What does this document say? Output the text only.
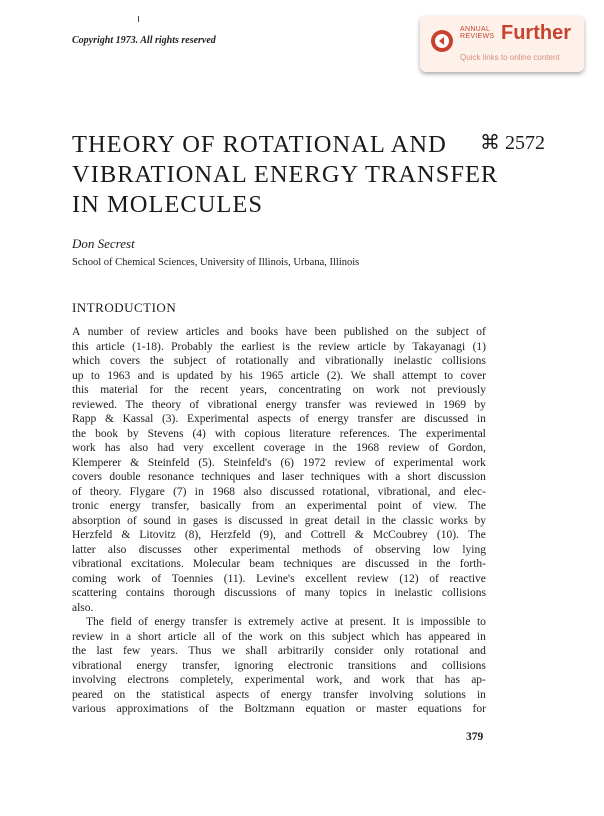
Copyright 1973. All rights reserved
ANNUAL
REVIEWS Further
Quick links to online content
THEORY OF ROTATIONAL AND
VIBRATIONAL ENERGY TRANSFER
IN MOLECULES
⌘ 2572
Don Secrest
School of Chemical Sciences, University of Illinois, Urbana, Illinois
INTRODUCTION
A number of review articles and books have been published on the subject of
this article (1-18). Probably the earliest is the review article by Takayanagi (1)
which covers the subject of rotationally and vibrationally inelastic collisions
up to 1963 and is updated by his 1965 article (2). We shall attempt to cover
this material for the recent years, concentrating on work not previously
reviewed. The theory of vibrational energy transfer was reviewed in 1969 by
Rapp & Kassal (3). Experimental aspects of energy transfer are discussed in
the book by Stevens (4) with copious literature references. The experimental
work has also had very excellent coverage in the 1968 review of Gordon,
Klemperer & Steinfeld (5). Steinfeld's (6) 1972 review of experimental work
covers double resonance techniques and laser techniques with a short discussion
of theory. Flygare (7) in 1968 also discussed rotational, vibrational, and elec-
tronic energy transfer, basically from an experimental point of view. The
absorption of sound in gases is discussed in great detail in the classic works by
Herzfeld & Litovitz (8), Herzfeld (9), and Cottrell & McCoubrey (10). The
latter also discusses other experimental methods of observing low lying
vibrational excitations. Molecular beam techniques are discussed in the forth-
coming work of Toennies (11). Levine's excellent review (12) of reactive
scattering contains thorough discussions of many topics in inelastic collisions
also.
The field of energy transfer is extremely active at present. It is impossible to
review in a short article all of the work on this subject which has appeared in
the last few years. Thus we shall arbitrarily consider only rotational and
vibrational energy transfer, ignoring electronic transitions and collisions
involving electrons completely, experimental work, and work that has ap-
peared on the statistical aspects of energy transfer involving solutions in
various approximations of the Boltzmann equation or master equations for
379
